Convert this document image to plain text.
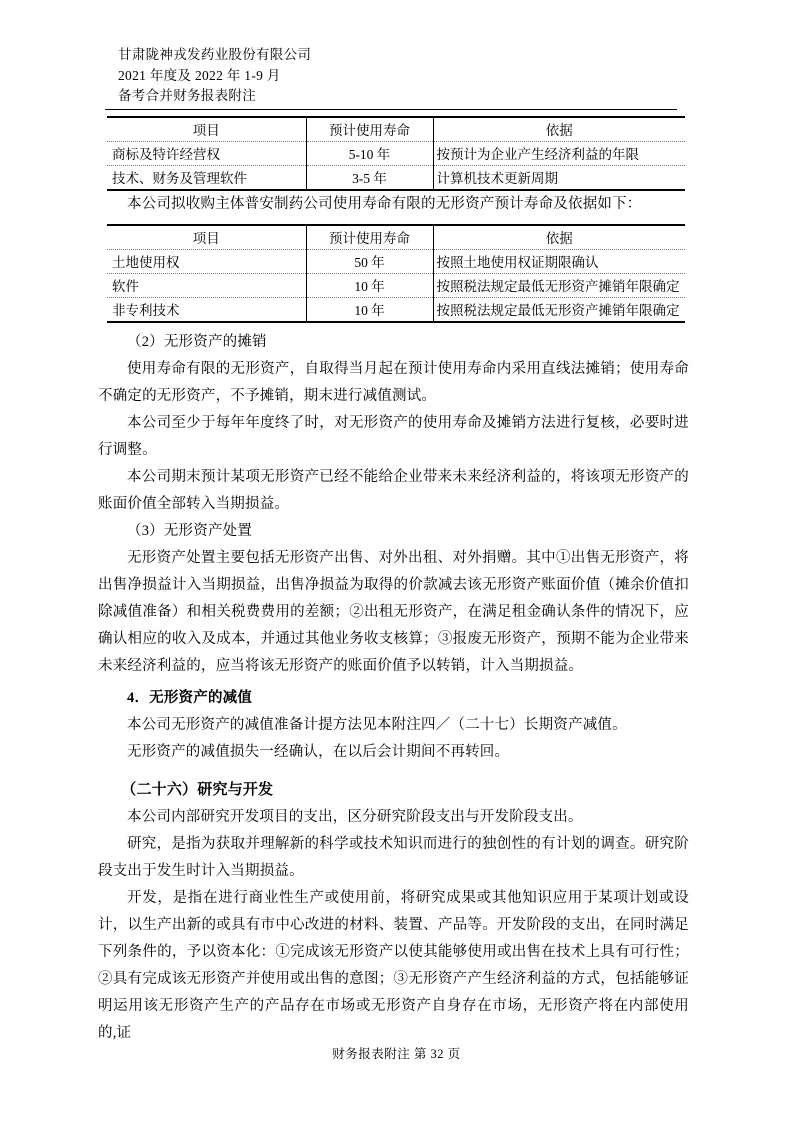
甘肃陇神戎发药业股份有限公司
2021 年度及 2022 年 1-9 月
备考合并财务报表附注
项目	预计使用寿命	依据
商标及特许经营权	5-10 年	按预计为企业产生经济利益的年限
技术、财务及管理软件	3-5 年	计算机技术更新周期

本公司拟收购主体普安制药公司使用寿命有限的无形资产预计寿命及依据如下：

项目	预计使用寿命	依据
土地使用权	50 年	按照土地使用权证期限确认
软件	10 年	按照税法规定最低无形资产摊销年限确定
非专利技术	10 年	按照税法规定最低无形资产摊销年限确定

（2）无形资产的摊销

使用寿命有限的无形资产，自取得当月起在预计使用寿命内采用直线法摊销；使用寿命不确定的无形资产，不予摊销，期末进行减值测试。

本公司至少于每年年度终了时，对无形资产的使用寿命及摊销方法进行复核，必要时进行调整。

本公司期末预计某项无形资产已经不能给企业带来未来经济利益的，将该项无形资产的账面价值全部转入当期损益。

（3）无形资产处置

无形资产处置主要包括无形资产出售、对外出租、对外捐赠。其中①出售无形资产，将出售净损益计入当期损益，出售净损益为取得的价款减去该无形资产账面价值（摊余价值扣除减值准备）和相关税费费用的差额；②出租无形资产，在满足租金确认条件的情况下，应确认相应的收入及成本，并通过其他业务收支核算；③报废无形资产，预期不能为企业带来未来经济利益的，应当将该无形资产的账面价值予以转销，计入当期损益。

4．无形资产的减值

本公司无形资产的减值准备计提方法见本附注四／（二十七）长期资产减值。

无形资产的减值损失一经确认，在以后会计期间不再转回。

（二十六）研究与开发

本公司内部研究开发项目的支出，区分研究阶段支出与开发阶段支出。

研究，是指为获取并理解新的科学或技术知识而进行的独创性的有计划的调查。研究阶段支出于发生时计入当期损益。

开发，是指在进行商业性生产或使用前，将研究成果或其他知识应用于某项计划或设计，以生产出新的或具有市中心改进的材料、装置、产品等。开发阶段的支出，在同时满足下列条件的，予以资本化：①完成该无形资产以使其能够使用或出售在技术上具有可行性；②具有完成该无形资产并使用或出售的意图；③无形资产产生经济利益的方式，包括能够证明运用该无形资产生产的产品存在市场或无形资产自身存在市场，无形资产将在内部使用的,证

财务报表附注 第 32 页
